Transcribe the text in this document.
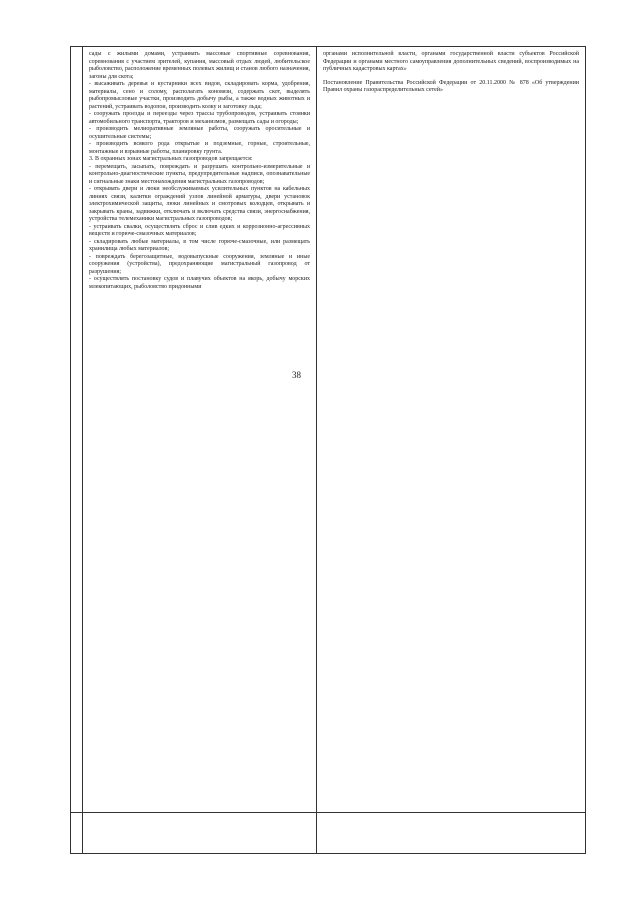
38

сады с жилыми домами, устраивать массовые спортивные соревнования, соревнования с участием зрителей, купания, массовый отдых людей, любительское рыболовство, расположение временных полевых жилищ и станов любого назначения, загоны для скота;

- высаживать деревья и кустарники всех видов, складировать корма, удобрения, материалы, сено и солому, располагать коновязи, содержать скот, выделять рыбопромысловые участки, производить добычу рыбы, а также водных животных и растений, устраивать водопои, производить колку и заготовку льда;

- сооружать проезды и переезды через трассы трубопроводов, устраивать стоянки автомобильного транспорта, тракторов и механизмов, размещать сады и огороды;

- производить мелиоративные земляные работы, сооружать оросительные и осушительные системы;

- производить всякого рода открытые и подземные, горные, строительные, монтажные и взрывные работы, планировку грунта.

3. В охранных зонах магистральных газопроводов запрещается:

- перемещать, засыпать, повреждать и разрушать контрольно-измерительные и контрольно-диагностические пункты, предупредительные надписи, опознавательные и сигнальные знаки местонахождения магистральных газопроводов;

- открывать двери и люки необслуживаемых усилительных пунктов на кабельных линиях связи, калитки ограждений узлов линейной арматуры, двери установок электрохимической защиты, люки линейных и смотровых колодцев, открывать и закрывать краны, задвижки, отключать и включать средства связи, энергоснабжения, устройства телемеханики магистральных газопроводов;

- устраивать свалки, осуществлять сброс и слив едких и коррозионно-агрессивных веществ и горюче-смазочных материалов;

- складировать любые материалы, в том числе горюче-смазочные, или размещать хранилища любых материалов;

- повреждать берегозащитные, водовыпускные сооружения, земляные и иные сооружения (устройства), предохраняющие магистральный газопровод от разрушения;

- осуществлять постановку судов и плавучих объектов на якорь, добычу морских млекопитающих, рыболовство придонными

органами исполнительной власти, органами государственной власти субъектов Российской Федерации и органами местного самоуправления дополнительных сведений, воспроизводимых на публичных кадастровых картах»

Постановление Правительства Российской Федерации от 20.11.2000 № 878 «Об утверждении Правил охраны газораспределительных сетей»
